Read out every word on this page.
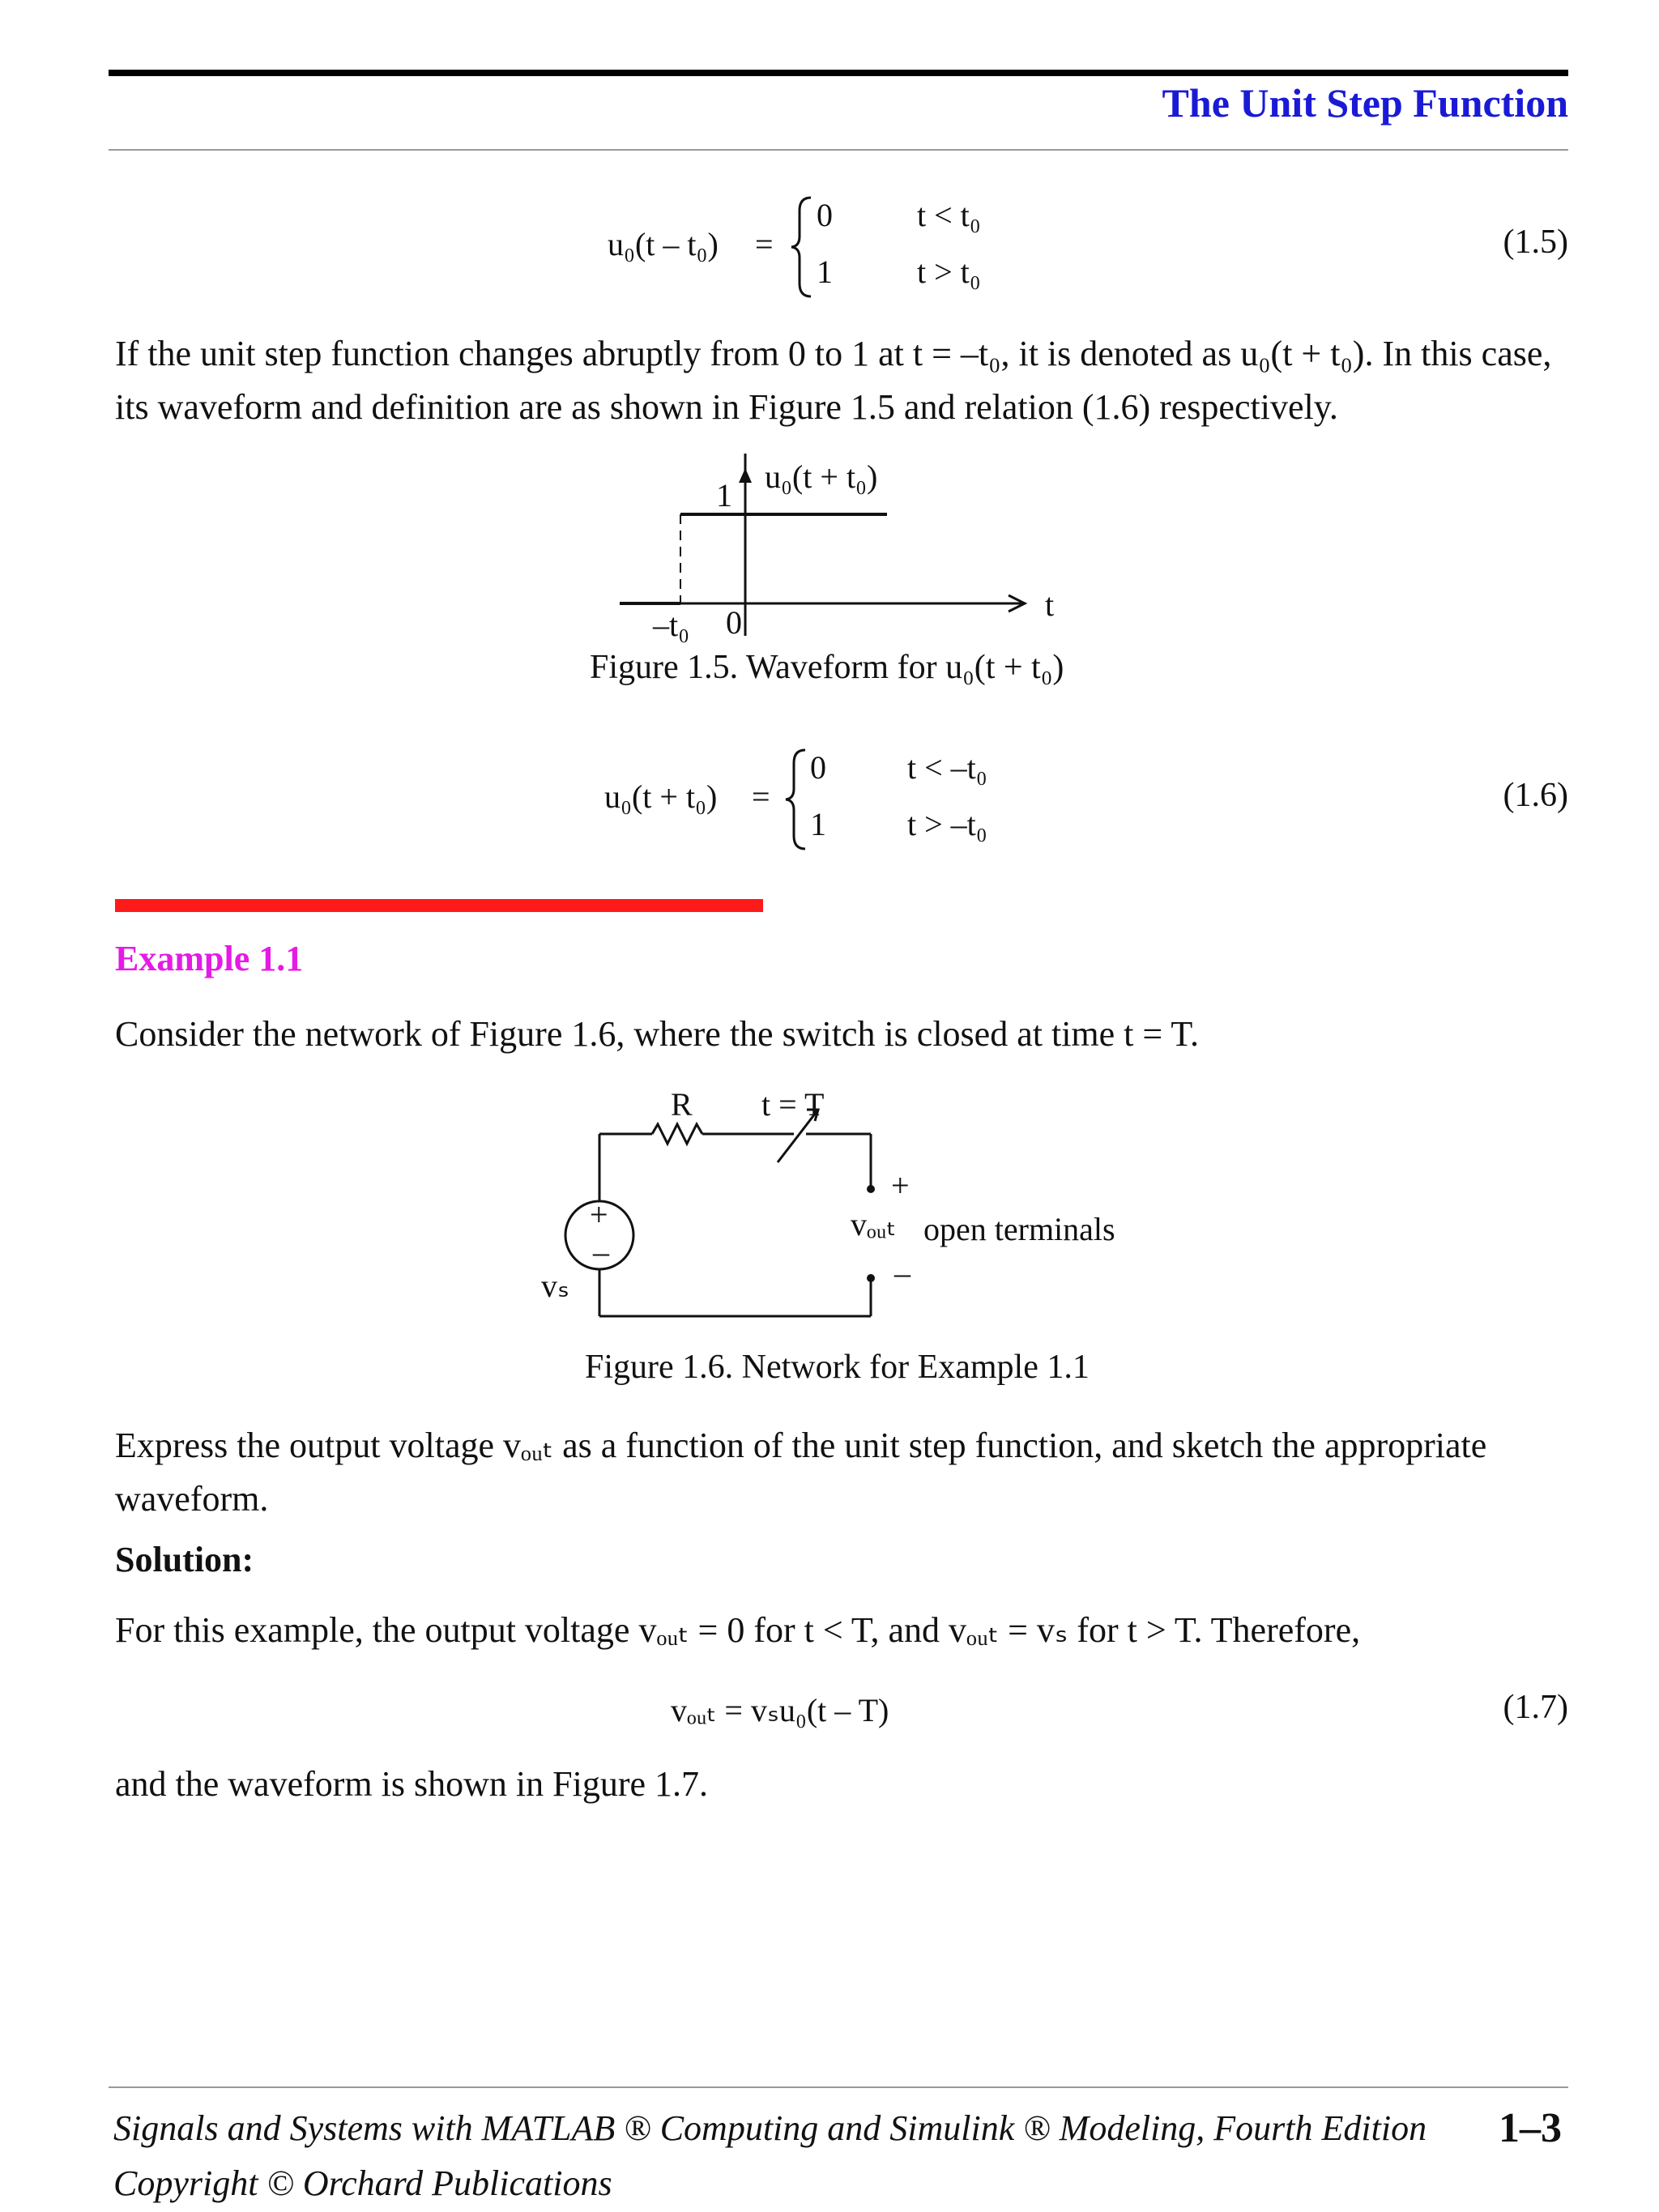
The Unit Step Function
u₀(t – t₀) =
0
1
t < t₀
t > t₀
(1.5)
If the unit step function changes abruptly from 0 to 1 at t = –t₀, it is denoted as u₀(t + t₀). In this case, its waveform and definition are as shown in Figure 1.5 and relation (1.6) respectively.
u₀(t + t₀)
1
t
–t₀ 0
Figure 1.5. Waveform for u₀(t + t₀)
u₀(t + t₀) =
0
1
t < –t₀
t > –t₀
(1.6)
Example 1.1
Consider the network of Figure 1.6, where the switch is closed at time t = T.
R t = T
+
vₒᵤₜ open terminals
–
+
–
vₛ
Figure 1.6. Network for Example 1.1
Express the output voltage vₒᵤₜ as a function of the unit step function, and sketch the appropriate waveform.
Solution:
For this example, the output voltage vₒᵤₜ = 0 for t < T, and vₒᵤₜ = vₛ for t > T. Therefore,
vₒᵤₜ = vₛu₀(t – T)	(1.7)
and the waveform is shown in Figure 1.7.
Signals and Systems with MATLAB ® Computing and Simulink ® Modeling, Fourth Edition
Copyright © Orchard Publications
1–3
